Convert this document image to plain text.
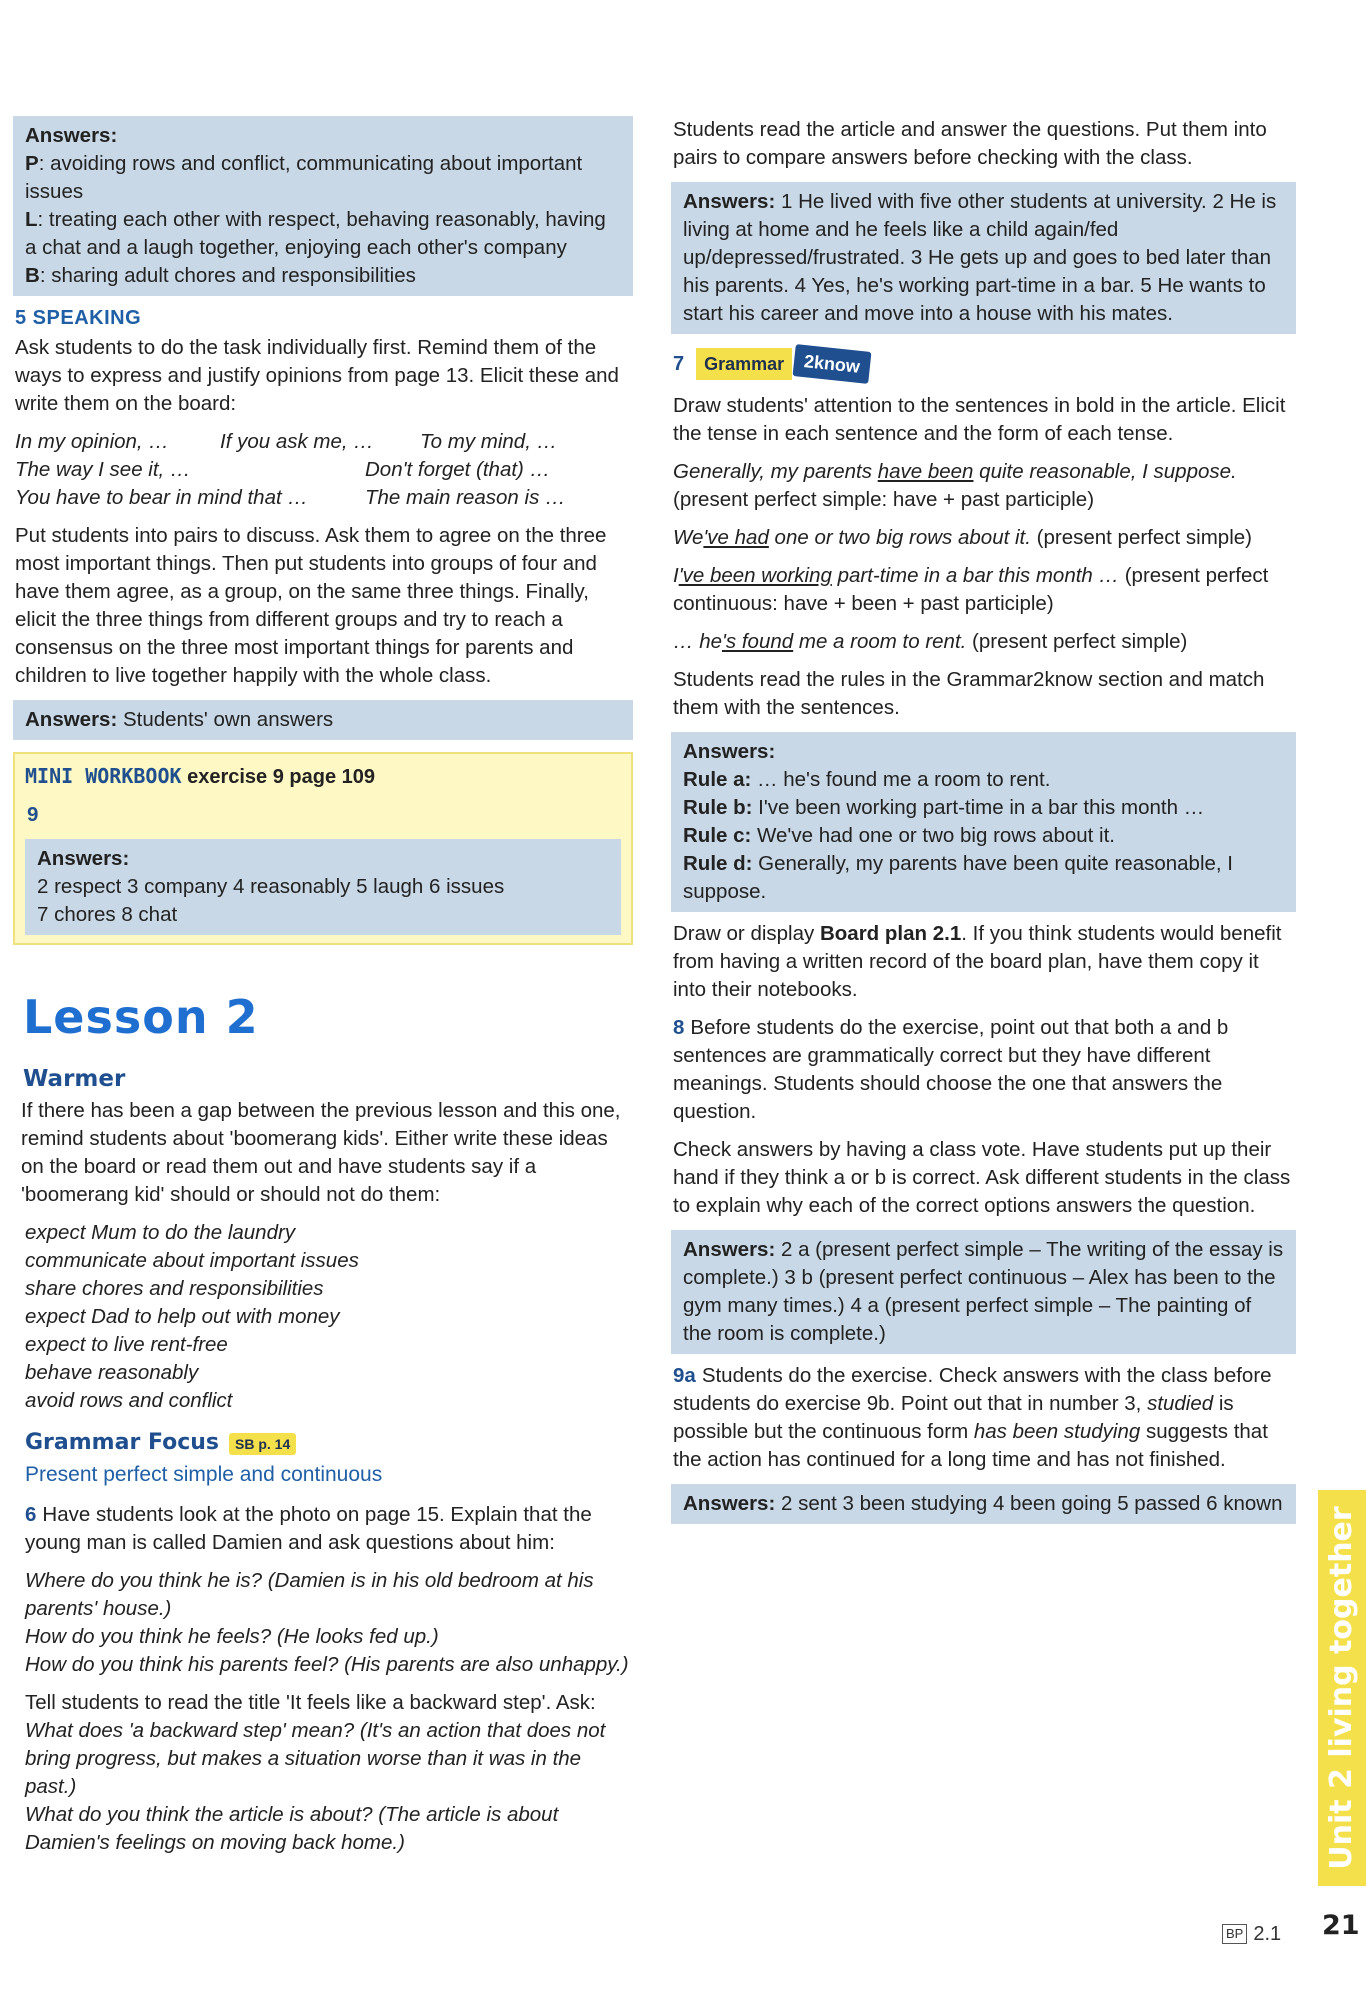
Answers:
P: avoiding rows and conflict, communicating about important issues
L: treating each other with respect, behaving reasonably, having a chat and a laugh together, enjoying each other's company
B: sharing adult chores and responsibilities
5 SPEAKING

Ask students to do the task individually first. Remind them of the ways to express and justify opinions from page 13. Elicit these and write them on the board:

In my opinion, …	If you ask me, …	To my mind, …
The way I see it, …	Don't forget (that) …
You have to bear in mind that …	The main reason is …

Put students into pairs to discuss. Ask them to agree on the three most important things. Then put students into groups of four and have them agree, as a group, on the same three things. Finally, elicit the three things from different groups and try to reach a consensus on the three most important things for parents and children to live together happily with the whole class.

Answers: Students' own answers
MINI WORKBOOK exercise 9 page 109
9
Answers:
2 respect 3 company 4 reasonably 5 laugh 6 issues
7 chores 8 chat
Lesson 2
Warmer

If there has been a gap between the previous lesson and this one, remind students about 'boomerang kids'. Either write these ideas on the board or read them out and have students say if a 'boomerang kid' should or should not do them:

expect Mum to do the laundry
communicate about important issues
share chores and responsibilities
expect Dad to help out with money
expect to live rent-free
behave reasonably
avoid rows and conflict
Grammar Focus SB p. 14
Present perfect simple and continuous

6 Have students look at the photo on page 15. Explain that the young man is called Damien and ask questions about him:

Where do you think he is? (Damien is in his old bedroom at his parents' house.)
How do you think he feels? (He looks fed up.)
How do you think his parents feel? (His parents are also unhappy.)

Tell students to read the title 'It feels like a backward step'. Ask:

What does 'a backward step' mean? (It's an action that does not bring progress, but makes a situation worse than it was in the past.)
What do you think the article is about? (The article is about Damien's feelings on moving back home.)

Students read the article and answer the questions. Put them into pairs to compare answers before checking with the class.

Answers: 1 He lived with five other students at university. 2 He is living at home and he feels like a child again/fed up/depressed/frustrated. 3 He gets up and goes to bed later than his parents. 4 Yes, he's working part-time in a bar. 5 He wants to start his career and move into a house with his mates.
7	Grammar	2know

Draw students' attention to the sentences in bold in the article. Elicit the tense in each sentence and the form of each tense.

Generally, my parents have been quite reasonable, I suppose.
(present perfect simple: have + past participle)

We've had one or two big rows about it. (present perfect simple)

I've been working part-time in a bar this month … (present perfect continuous: have + been + past participle)

… he's found me a room to rent. (present perfect simple)

Students read the rules in the Grammar2know section and match them with the sentences.

Answers:
Rule a: … he's found me a room to rent.
Rule b: I've been working part-time in a bar this month …
Rule c: We've had one or two big rows about it.
Rule d: Generally, my parents have been quite reasonable, I suppose.

Draw or display Board plan 2.1. If you think students would benefit from having a written record of the board plan, have them copy it into their notebooks.

8 Before students do the exercise, point out that both a and b sentences are grammatically correct but they have different meanings. Students should choose the one that answers the question.

Check answers by having a class vote. Have students put up their hand if they think a or b is correct. Ask different students in the class to explain why each of the correct options answers the question.

Answers: 2 a (present perfect simple – The writing of the essay is complete.) 3 b (present perfect continuous – Alex has been to the gym many times.) 4 a (present perfect simple – The painting of the room is complete.)

9a Students do the exercise. Check answers with the class before students do exercise 9b. Point out that in number 3, studied is possible but the continuous form has been studying suggests that the action has continued for a long time and has not finished.

Answers: 2 sent 3 been studying 4 been going 5 passed 6 known
Unit 2 living together
BP 2.1 21
